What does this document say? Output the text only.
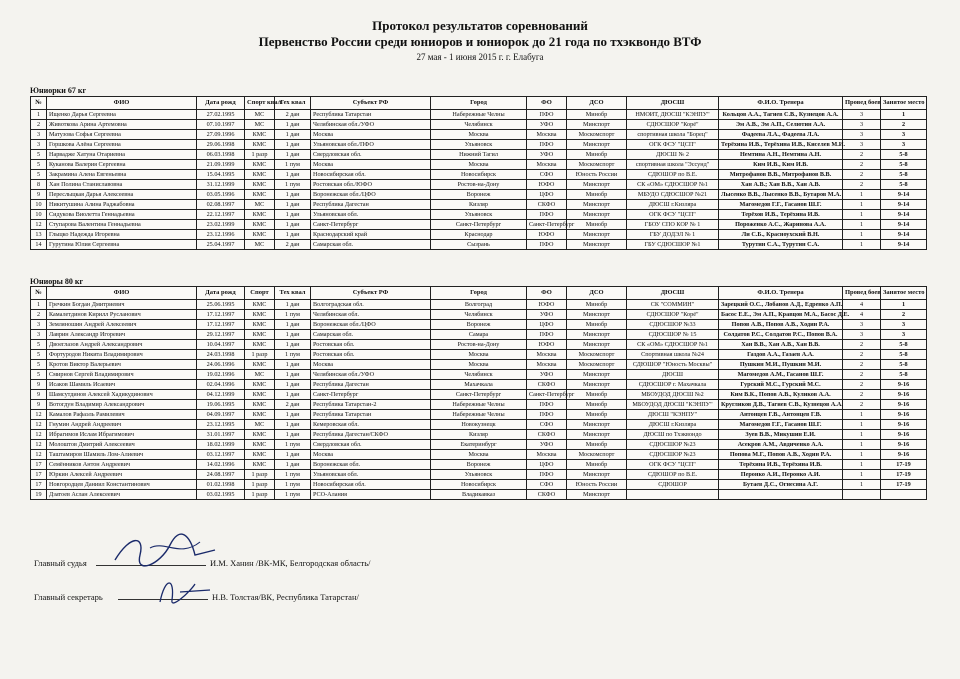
Протокол результатов соревнований
Первенство России среди юниоров и юниорок до 21 года по тхэквондо ВТФ
27 мая - 1 июня 2015 г. г. Елабуга
Юниорки 67 кг
№	ФИО	Дата рожд	Спорт квал	Тех квал	Субъект РФ	Город	ФО	ДСО	ДЮСШ	Ф.И.О. Тренера	Провед боев	Занятое место
1	Ищенко Дарья Сергеевна	27.02.1995	МС	2 дан	Республика Татарстан	Набережные Челны	ПФО	Минобр	НМОИТ, ДЮСШ "КЭНПУ"	Кольцов А.А., Тагиев С.В., Кузнецов А.А.	3	1
2	Животкова Арина Артемовна	07.10.1997	МС	1 дан	Челябинская обл./УФО	Челябинск	УФО	Минспорт	СДЮСШОР "Корё"	Эм А.В., Эм А.П., Селютин А.А.	3	2
3	Матузова Софья Сергеевна	27.09.1996	КМС	1 дан	Москва	Москва	Москва	Москомспорт	спортивная школа "Борец"	Фадеева Л.А., Фадеева Л.А.	3	3
3	Горшкова Алёна Сергеевна	29.06.1998	КМС	1 дан	Ульяновская обл./ПФО	Ульяновск	ПФО	Минспорт	ОГК ФСУ "ЦСП"	Терёхина И.В., Терёхина И.В., Киселев М.И.	3	3
5	Нарвадже Хатуна Отариевна	06.03.1998	1 разр	1 дан	Свердловская обл.	Нижний Тагил	УФО	Минобр	ДЮСШ № 2	Немтина А.Н., Немтина А.Н.	2	5-8
5	Куканова Валерия Сергеевна	21.09.1999	КМС	1 пум	Москва	Москва	Москва	Москомспорт	спортивная школа "Эссунд"	Ким И.В., Ким И.В.	2	5-8
5	Закрамина Алена Евгеньевна	15.04.1995	КМС	1 дан	Новосибирская обл.	Новосибирск	СФО	Юность России	СДЮШОР по В.Е.	Митрофанов В.В., Митрофанов В.В.	2	5-8
8	Хан Полина Станиславовна	31.12.1999	КМС	1 пум	Ростовская обл./ЮФО	Ростов-на-Дону	ЮФО	Минспорт	СК «ОМ» СДЮСШОР №1	Хан А.В.; Хан В.В., Хан А.В.	2	5-8
9	Переслыцкая Дарья Алексеевна	03.05.1996	КМС	1 дан	Воронежская обл./ЦФО	Воронеж	ЦФО	Минобр	МБУДО СДЮСШОР №21	Лысенко В.В., Лысенко В.В., Бутаров М.А.	1	9-14
10	Никитушина Алина Раджабовна	02.08.1997	МС	1 дан	Республика Дагестан	Кизляр	СКФО	Минспорт	ДЮСШ г.Кизляра	Магомедов Г.Г., Гасанов Ш.Г.	1	9-14
10	Сидукова Виолетта Геннадьевна	22.12.1997	КМС	1 дан	Ульяновская обл.	Ульяновск	ПФО	Минспорт	ОГК ФСУ "ЦСП"	Терёхов И.В., Терёхина И.В.	1	9-14
12	Ступарова Валентина Геннадьевна	23.02.1999	КМС	1 дан	Санкт-Петербург	Санкт-Петербург	Санкт-Петербург	Минобр	ГБОУ СПО КОР № 1	Пороженко А.С., Жаринова А.А.	1	9-14
13	Глыцко Надежда Игоревна	23.12.1996	КМС	1 дан	Краснодарский край	Краснодар	ЮФО	Минспорт	ГБУ ДОДЭЛ № 1	Ли С.Б., Красноухский В.Н.	1	9-14
14	Гурутина Юлия Сергеевна	25.04.1997	МС	2 дан	Самарская обл.	Сызрань	ПФО	Минспорт	ГБУ СДЮСШОР №1	Турутин С.А., Турутин С.А.	1	9-14
Юниоры 80 кг
№	ФИО	Дата рожд	Спорт	Тех квал	Субъект РФ	Город	ФО	ДСО	ДЮСШ	Ф.И.О. Тренера	Провед боев	Занятое место
1	Гречкин Богдан Дмитриевич	25.06.1995	КМС	1 дан	Волгоградская обл.	Волгоград	ЮФО	Минобр	СК "СОММИН"	Зарецкий О.С., Лобанов А.Д., Едренко А.П.	4	1
2	Камалетдинов Кирилл Русланович	17.12.1997	КМС	1 пум	Челябинская обл.	Челябинск	УФО	Минспорт	СДЮСШОР "Корё"	Басос Е.Е., Эм А.П., Кравцов М.А., Басос Д.Е.	4	2
3	Земляношин Андрей Алексеевич	17.12.1997	КМС	1 дан	Воронежская обл./ЦФО	Воронеж	ЦФО	Минобр	СДЮСШОР №33	Попов А.В., Попов А.В., Ходин Р.А.	3	3
3	Лаврин Александр Игоревич	29.12.1997	КМС	1 дан	Самарская обл.	Самара	ПФО	Минспорт	СДЮСШОР № 15	Солдатов Р.С., Солдатов Р.С., Попов В.А.	3	3
5	Двоеглазов Андрей Александрович	10.04.1997	КМС	1 дан	Ростовская обл.	Ростов-на-Дону	ЮФО	Минспорт	СК «ОМ» СДЮСШОР №1	Хан В.В., Хан А.В., Хан В.В.	2	5-8
5	Фортуродов Никита Владимирович	24.03.1998	1 разр	1 пум	Ростовская обл.	Москва	Москва	Москомспорт	Спортивная школа №24	Газдов А.А., Газаев А.А.	2	5-8
5	Кротов Виктор Валерьевич	24.06.1996	КМС	1 дан	Москва	Москва	Москва	Москомспорт	СДЮШОР "Юность Москвы"	Пушкин М.И., Пушкин М.И.	2	5-8
5	Смирнов Сергей Владимирович	19.02.1996	МС	1 дан	Челябинская обл./УФО	Челябинск	УФО	Минспорт	ДЮСШ	Магомедов А.М., Гасанов Ш.Г.	2	5-8
9	Исаков Шамиль Исаевич	02.04.1996	КМС	1 дан	Республика Дагестан	Махачкала	СКФО	Минспорт	СДЮСШОР г. Махачкала	Гурский М.С., Гурский М.С.	2	9-16
9	Шамсутдинов Алексей Хадикудинович	04.12.1999	КМС	1 дан	Санкт-Петербург	Санкт-Петербург	Санкт-Петербург	Минобр	МБОУДОД ДЮСШ №2	Ким В.К., Попов А.В., Куликов А.А.	2	9-16
9	Вотогдун Владимир Александрович	19.06.1995	КМС	2 дан	Республика Татарстан-2	Набережные Челны	ПФО	Минобр	МБОУДОД ДЮСШ "КЭНПУ"	Кругликов Д.В., Тагиев С.В., Кузнецов А.А.	2	9-16
12	Камалов Рафаэль Рамилевич	04.09.1997	КМС	1 дан	Республика Татарстан	Набережные Челны	ПФО	Минобр	ДЮСШ "КЭНПУ"	Антонцев Г.В., Антонцев Г.В.	1	9-16
12	Гнумин Андрей Андреевич	23.12.1995	МС	1 дан	Кемеровская обл.	Новокузнецк	СФО	Минспорт	ДЮСШ г.Кизляра	Магомедов Г.Г., Гасанов Ш.Г.	1	9-16
12	Ибрагимов Ислам Ибрагимович	31.01.1997	КМС	1 дан	Республика Дагестан/СКФО	Кизляр	СКФО	Минспорт	ДЮСШ по Тхэквондо	Зуев В.В., Микушин Е.И.	1	9-16
12	Молоштов Дмитрий Алексеевич	18.02.1999	КМС	1 пум	Свердловская обл.	Екатеринбург	УФО	Минобр	СДЮСШОР №23	Асекров А.М., Авдиченко А.А.	1	9-16
12	Таштамиров Шамиль Лом-Алиевич	03.12.1997	КМС	1 дан	Москва	Москва	Москва	Москомспорт	СДЮСШОР №23	Попова М.Г., Попов А.В., Ходин Р.А.	1	9-16
17	Семёнников Антон Андреевич	14.02.1996	КМС	1 дан	Воронежская обл.	Воронеж	ЦФО	Минобр	ОГК ФСУ "ЦСП"	Терёхина И.В., Терёхина И.В.	1	17-19
17	Юркин Алексей Андреевич	24.08.1997	1 разр	1 пум	Ульяновская обл.	Ульяновск	ПФО	Минспорт	СДЮШОР по В.Е.	Перонко А.И., Перонко А.И.	1	17-19
17	Новгородцев Даниил Константинович	01.02.1998	1 разр	1 пум	Новосибирская обл.	Новосибирск	СФО	Юность России	СДЮШОР	Бутаев Д.С., Огнесяна А.Г.	1	17-19
19	Дзатоев Аслан Алексеевич	03.02.1995	1 разр	1 пум	РСО-Алания	Владикавказ	СКФО	Минспорт				
Главный судья	И.М. Ханин /ВК-МК, Белгородская область/
Главный секретарь	Н.В. Толстая/ВК, Республика Татарстан/
